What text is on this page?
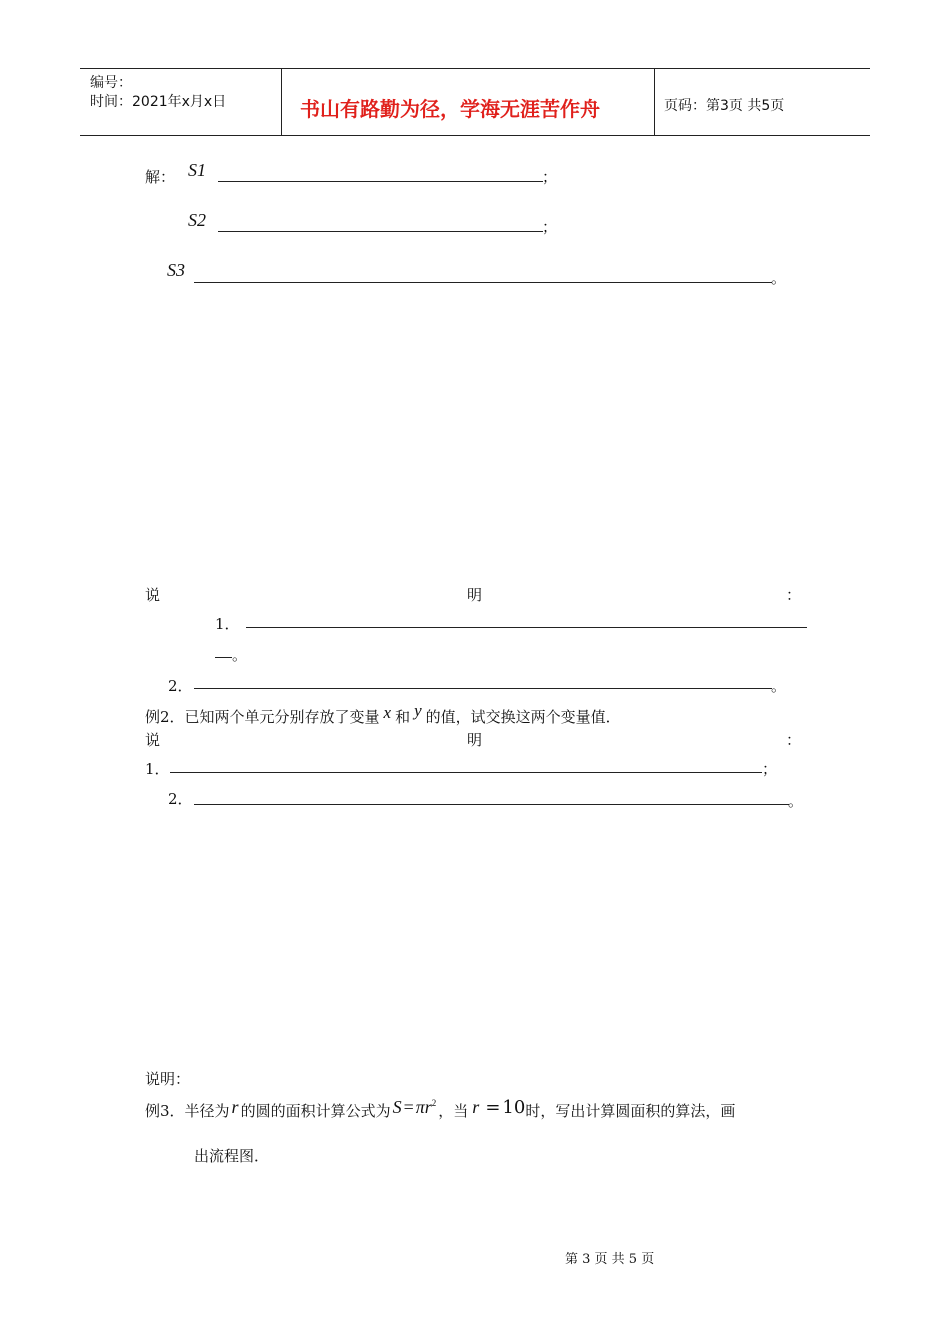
编号：
时间：2021年x月x日	书山有路勤为径，学海无涯苦作舟	页码：第3页 共5页
解： S1	；
S2	；
S3	。
说	明	：
1．
。
2．	。
例2．已知两个单元分别存放了变量 x 和 y 的值，试交换这两个变量值．
说	明	：
1．	；
2．	。
说明：
例3．半径为 r 的圆的面积计算公式为 $S = \pi r^2$ ，当 r = 10时，写出计算圆面积的算法，画
出流程图．
第 3 页 共 5 页
